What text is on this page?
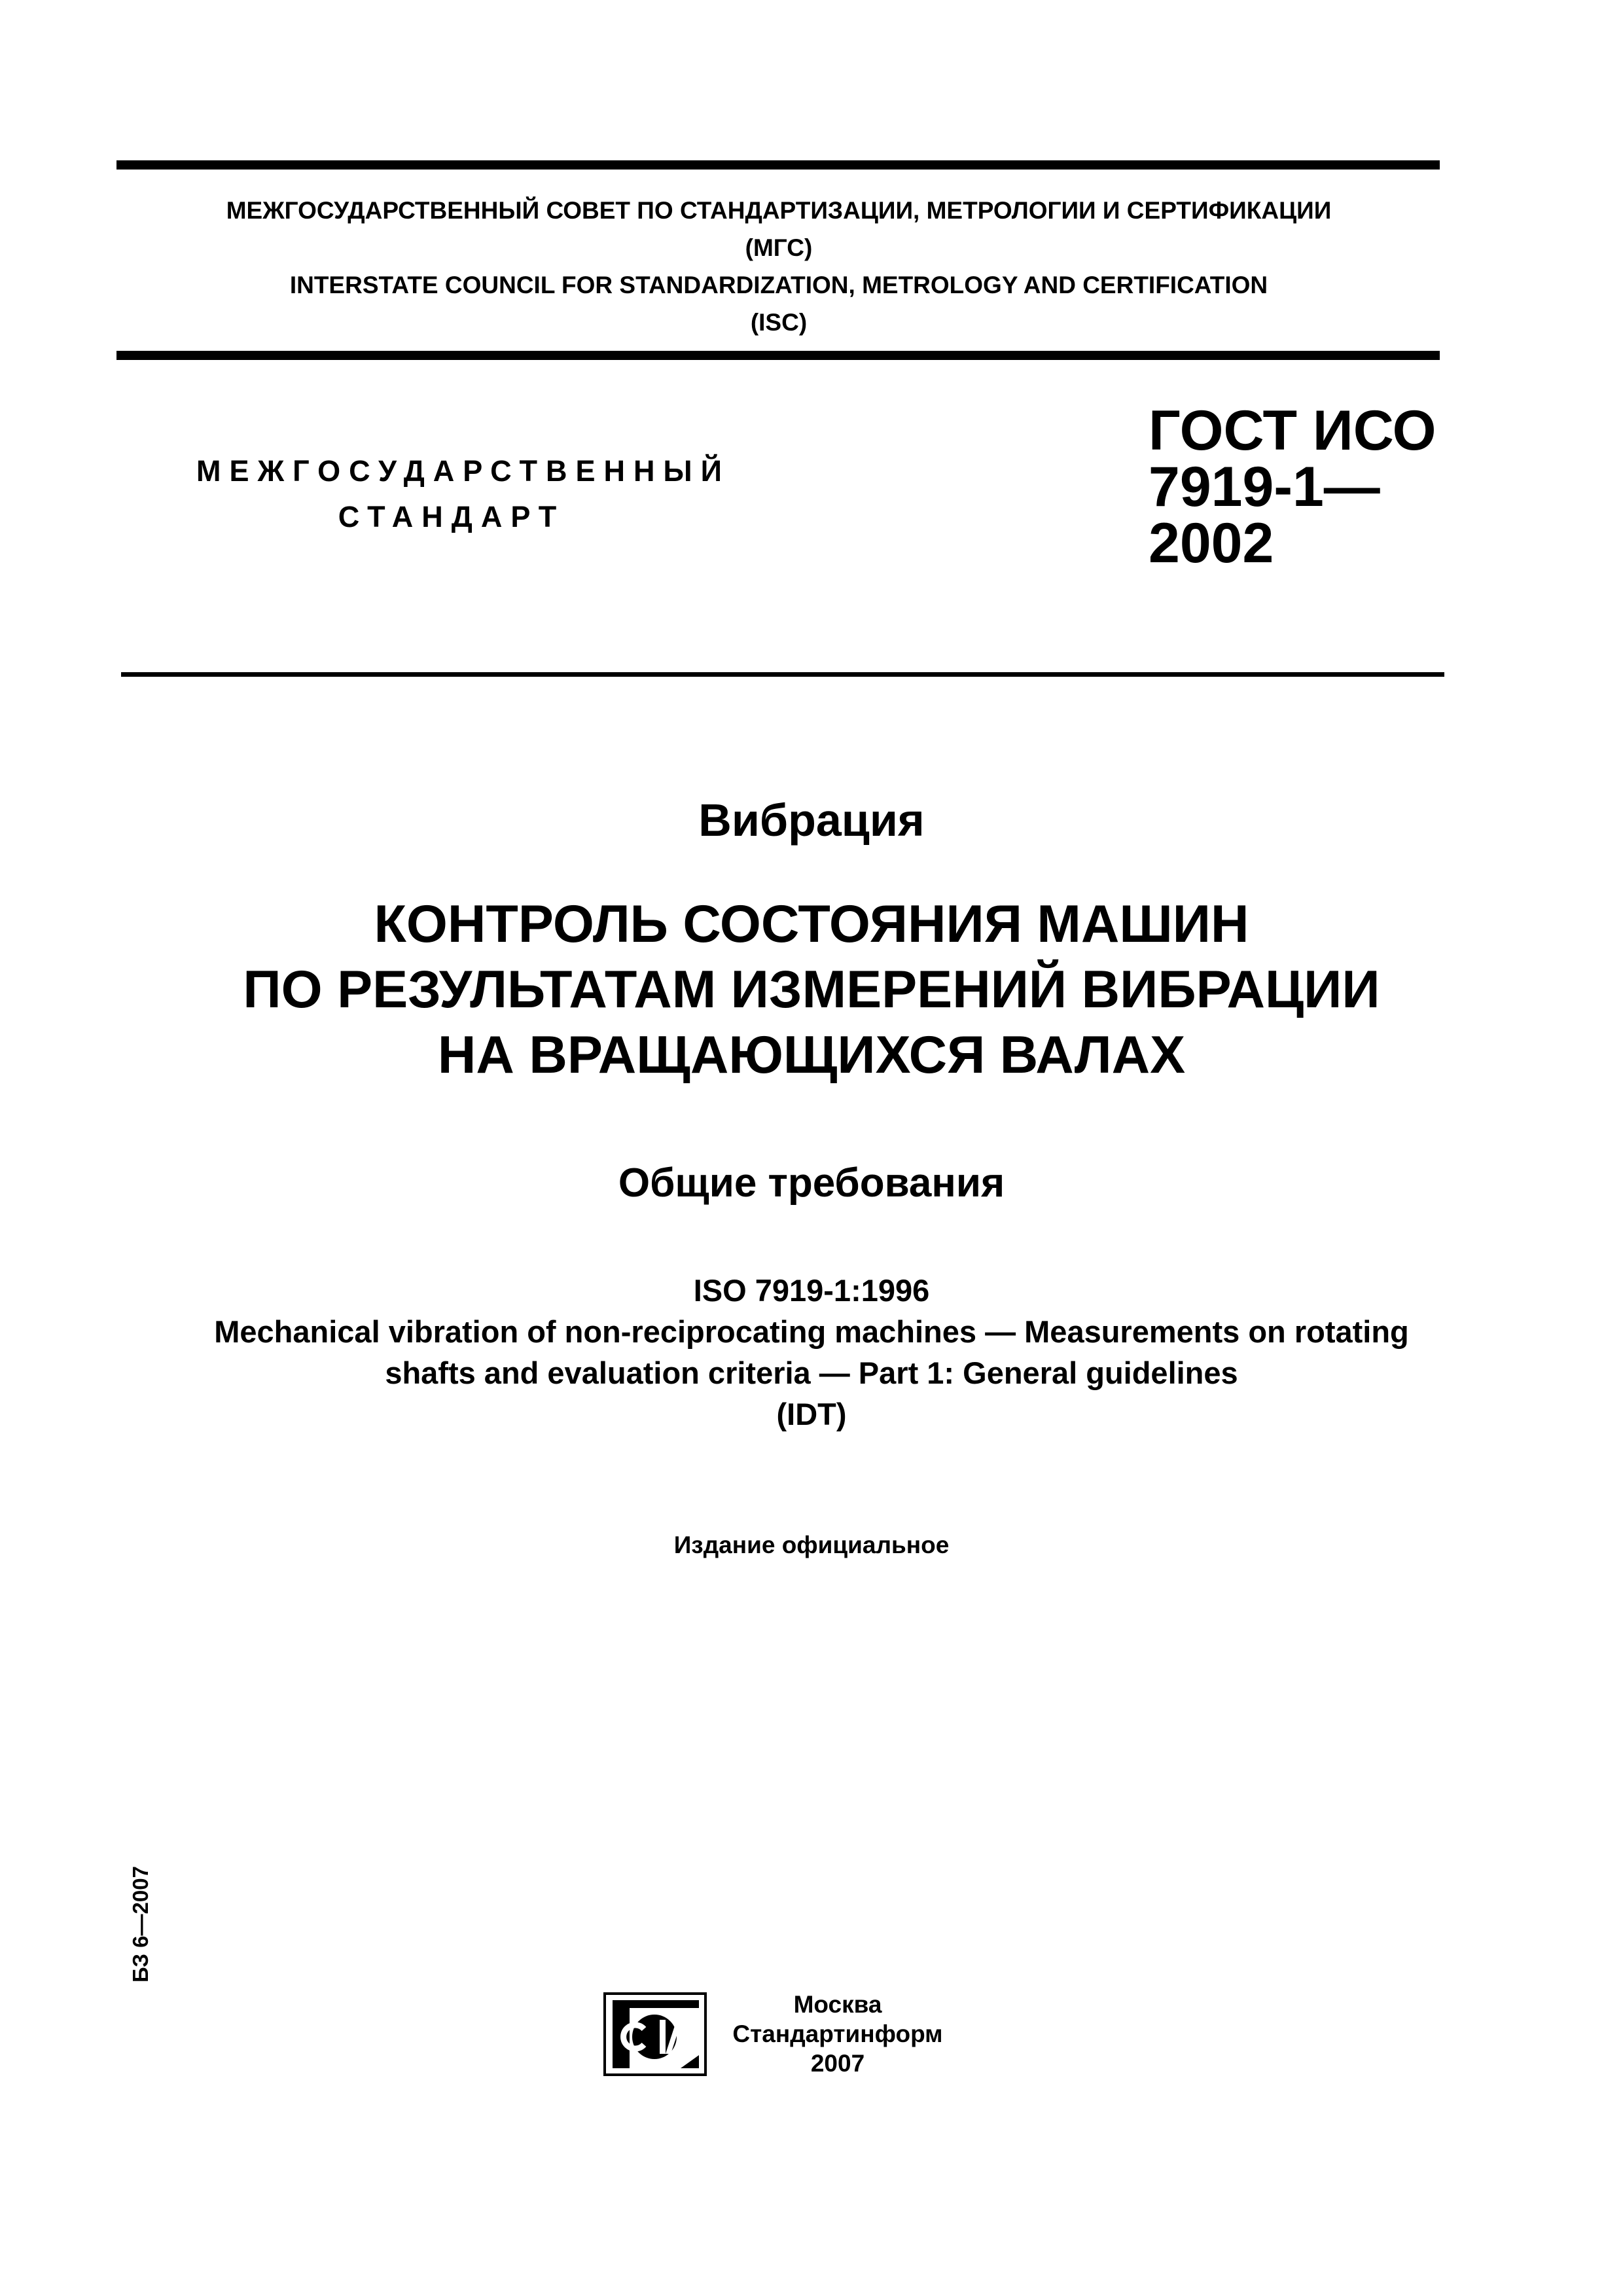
МЕЖГОСУДАРСТВЕННЫЙ СОВЕТ ПО СТАНДАРТИЗАЦИИ, МЕТРОЛОГИИ И СЕРТИФИКАЦИИ
(МГС)
INTERSTATE COUNCIL FOR STANDARDIZATION, METROLOGY AND CERTIFICATION
(ISC)
МЕЖГОСУДАРСТВЕННЫЙ
СТАНДАРТ
ГОСТ ИСО
7919-1—
2002
Вибрация
КОНТРОЛЬ СОСТОЯНИЯ МАШИН
ПО РЕЗУЛЬТАТАМ ИЗМЕРЕНИЙ ВИБРАЦИИ
НА ВРАЩАЮЩИХСЯ ВАЛАХ
Общие требования
ISO 7919-1:1996
Mechanical vibration of non-reciprocating machines — Measurements on rotating
shafts and evaluation criteria — Part 1: General guidelines
(IDT)
Издание официальное
БЗ 6—2007
Москва
Стандартинформ
2007
